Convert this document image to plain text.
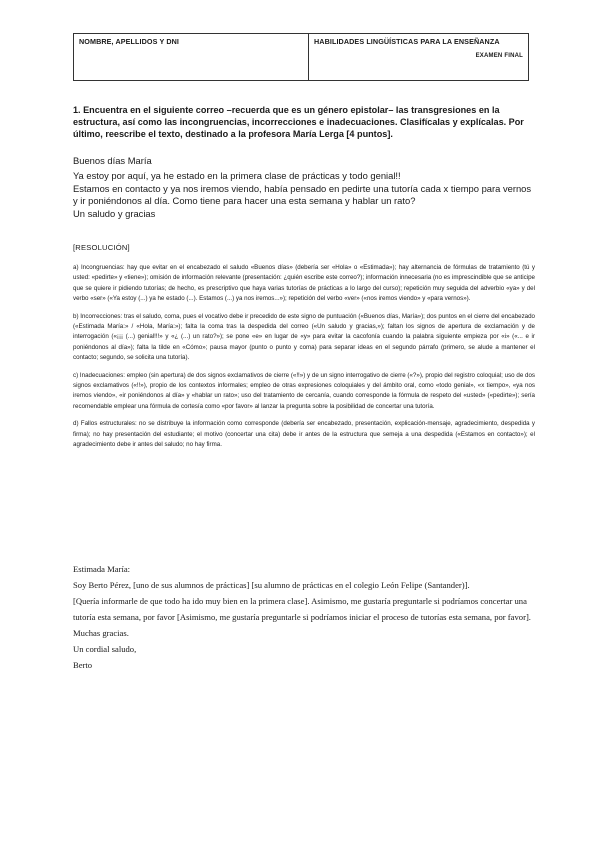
NOMBRE, APELLIDOS Y DNI	HABILIDADES LINGÜÍSTICAS PARA LA ENSEÑANZA
EXAMEN FINAL

1. Encuentra en el siguiente correo –recuerda que es un género epistolar– las transgresiones en la estructura, así como las incongruencias, incorrecciones e inadecuaciones. Clasifícalas y explícalas. Por último, reescribe el texto, destinado a la profesora María Lerga [4 puntos].

Buenos días María

Ya estoy por aquí, ya he estado en la primera clase de prácticas y todo genial!!

Estamos en contacto y ya nos iremos viendo, había pensado en pedirte una tutoría cada x tiempo para vernos y ir poniéndonos al día. Como tiene para hacer una esta semana y hablar un rato?

Un saludo y gracias

[RESOLUCIÓN]

a) Incongruencias: hay que evitar en el encabezado el saludo «Buenos días» (debería ser «Hola» o «Estimada»); hay alternancia de fórmulas de tratamiento (tú y usted: «pedirte» y «tiene»); omisión de información relevante (presentación: ¿quién escribe este correo?); información innecesaria (no es imprescindible que se anticipe que se quiere ir pidiendo tutorías; de hecho, es prescriptivo que haya varias tutorías de prácticas a lo largo del curso); repetición muy seguida del adverbio «ya» y del verbo «ser» («Ya estoy (...) ya he estado (...). Estamos (...) ya nos iremos...»); repetición del verbo «ver» («nos iremos viendo» y «para vernos»).

b) Incorrecciones: tras el saludo, coma, pues el vocativo debe ir precedido de este signo de puntuación («Buenos días, María»); dos puntos en el cierre del encabezado («Estimada María:» / «Hola, María:»); falta la coma tras la despedida del correo («Un saludo y gracias,»); faltan los signos de apertura de exclamación y de interrogación («¡¡¡ (...) genial!!!» y «¿ (...) un rato?»); se pone «e» en lugar de «y» para evitar la cacofonía cuando la palabra siguiente empieza por «i» («... e ir poniéndonos al día»); falta la tilde en «Cómo»; pausa mayor (punto o punto y coma) para separar ideas en el segundo párrafo (primero, se alude a mantener el contacto; segundo, se solicita una tutoría).

c) Inadecuaciones: empleo (sin apertura) de dos signos exclamativos de cierre («!!») y de un signo interrogativo de cierre («?»), propio del registro coloquial; uso de dos signos exclamativos («!!»), propio de los contextos informales; empleo de otras expresiones coloquiales y del ámbito oral, como «todo genial», «x tiempo», «ya nos iremos viendo», «ir poniéndonos al día» y «hablar un rato»; uso del tratamiento de cercanía, cuando corresponde la fórmula de respeto del «usted» («pedirte»); sería recomendable emplear una fórmula de cortesía como «por favor» al lanzar la pregunta sobre la posibilidad de concertar una tutoría.

d) Fallos estructurales: no se distribuye la información como corresponde (debería ser encabezado, presentación, explicación-mensaje, agradecimiento, despedida y firma); no hay presentación del estudiante; el motivo (concertar una cita) debe ir antes de la estructura que semeja a una despedida («Estamos en contacto»); el agradecimiento debe ir antes del saludo; no hay firma.

Estimada María:

Soy Berto Pérez, [uno de sus alumnos de prácticas] [su alumno de prácticas en el colegio León Felipe (Santander)].

[Quería informarle de que todo ha ido muy bien en la primera clase]. Asimismo, me gustaría preguntarle si podríamos concertar una tutoría esta semana, por favor [Asimismo, me gustaría preguntarle si podríamos iniciar el proceso de tutorías esta semana, por favor].

Muchas gracias.

Un cordial saludo,

Berto
